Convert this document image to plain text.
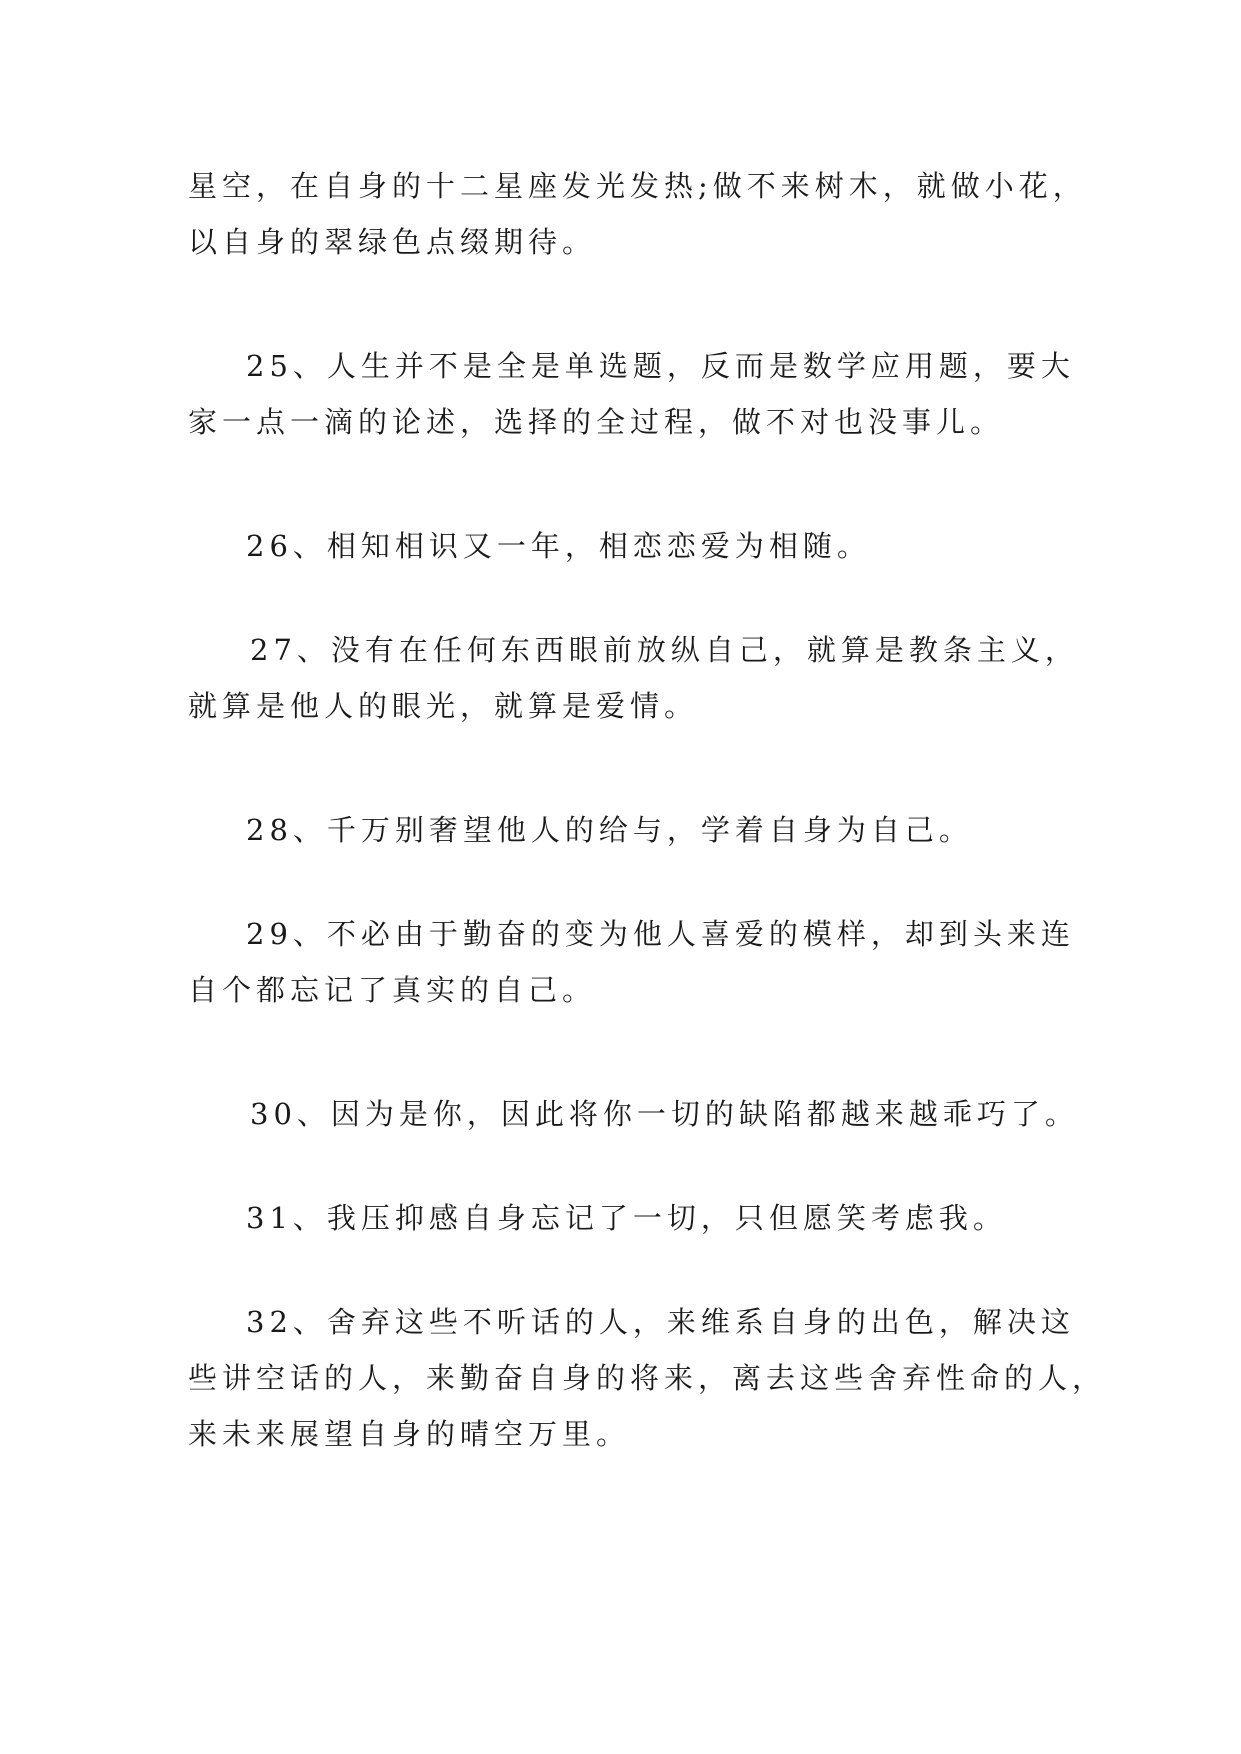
星空，在自身的十二星座发光发热;做不来树木，就做小花，
以自身的翠绿色点缀期待。
25、人生并不是全是单选题，反而是数学应用题，要大
家一点一滴的论述，选择的全过程，做不对也没事儿。
26、相知相识又一年，相恋恋爱为相随。
27、没有在任何东西眼前放纵自己，就算是教条主义，
就算是他人的眼光，就算是爱情。
28、千万别奢望他人的给与，学着自身为自己。
29、不必由于勤奋的变为他人喜爱的模样，却到头来连
自个都忘记了真实的自己。
30、因为是你，因此将你一切的缺陷都越来越乖巧了。
31、我压抑感自身忘记了一切，只但愿笑考虑我。
32、舍弃这些不听话的人，来维系自身的出色，解决这
些讲空话的人，来勤奋自身的将来，离去这些舍弃性命的人，
来未来展望自身的晴空万里。
